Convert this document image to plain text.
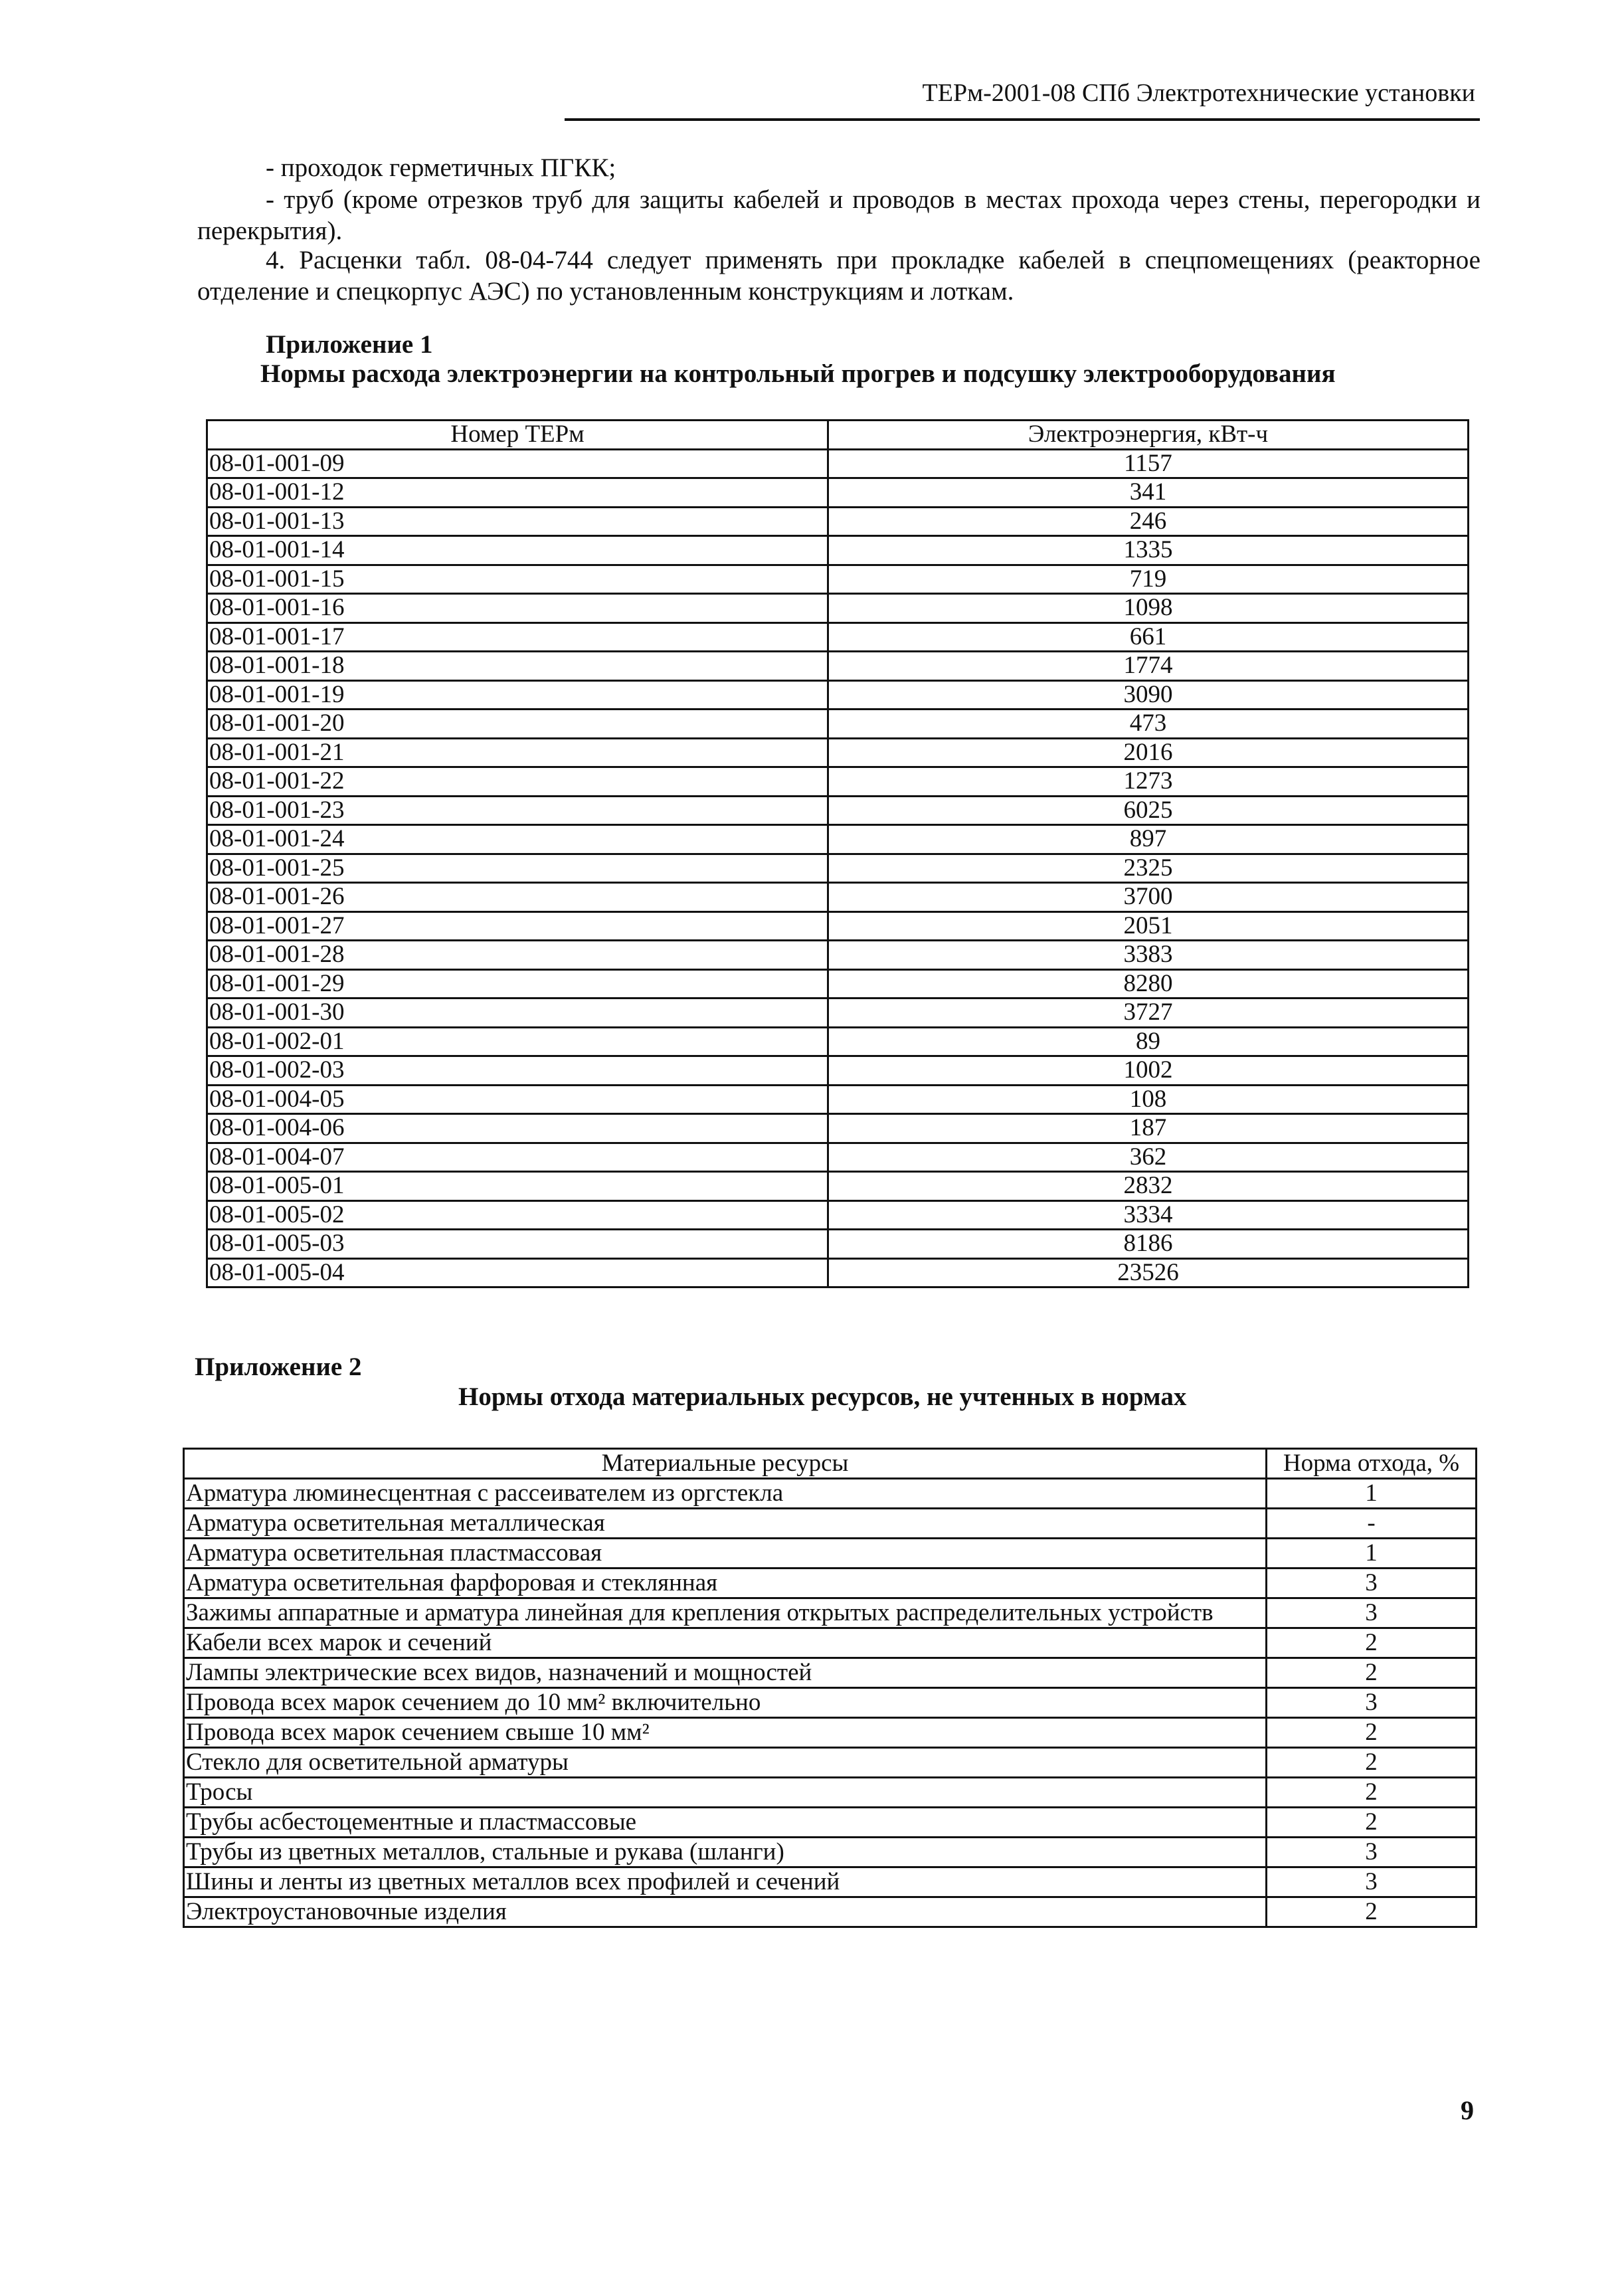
ТЕРм-2001-08 СПб Электротехнические установки
- проходок герметичных ПГКК;
- труб (кроме отрезков труб для защиты кабелей и проводов в местах прохода через стены, перегородки и перекрытия).
4. Расценки табл. 08-04-744 следует применять при прокладке кабелей в спецпомещениях (реакторное отделение и спецкорпус АЭС) по установленным конструкциям и лоткам.
Приложение 1
Нормы расхода электроэнергии на контрольный прогрев и подсушку электрооборудования
Номер ТЕРм	Электроэнергия, кВт-ч
08-01-001-09	1157
08-01-001-12	341
08-01-001-13	246
08-01-001-14	1335
08-01-001-15	719
08-01-001-16	1098
08-01-001-17	661
08-01-001-18	1774
08-01-001-19	3090
08-01-001-20	473
08-01-001-21	2016
08-01-001-22	1273
08-01-001-23	6025
08-01-001-24	897
08-01-001-25	2325
08-01-001-26	3700
08-01-001-27	2051
08-01-001-28	3383
08-01-001-29	8280
08-01-001-30	3727
08-01-002-01	89
08-01-002-03	1002
08-01-004-05	108
08-01-004-06	187
08-01-004-07	362
08-01-005-01	2832
08-01-005-02	3334
08-01-005-03	8186
08-01-005-04	23526
Приложение 2
Нормы отхода материальных ресурсов, не учтенных в нормах
Материальные ресурсы	Норма отхода, %
Арматура люминесцентная с рассеивателем из оргстекла	1
Арматура осветительная металлическая	-
Арматура осветительная пластмассовая	1
Арматура осветительная фарфоровая и стеклянная	3
Зажимы аппаратные и арматура линейная для крепления открытых распределительных устройств	3
Кабели всех марок и сечений	2
Лампы электрические всех видов, назначений и мощностей	2
Провода всех марок сечением до 10 мм² включительно	3
Провода всех марок сечением свыше 10 мм²	2
Стекло для осветительной арматуры	2
Тросы	2
Трубы асбестоцементные и пластмассовые	2
Трубы из цветных металлов, стальные и рукава (шланги)	3
Шины и ленты из цветных металлов всех профилей и сечений	3
Электроустановочные изделия	2
9
